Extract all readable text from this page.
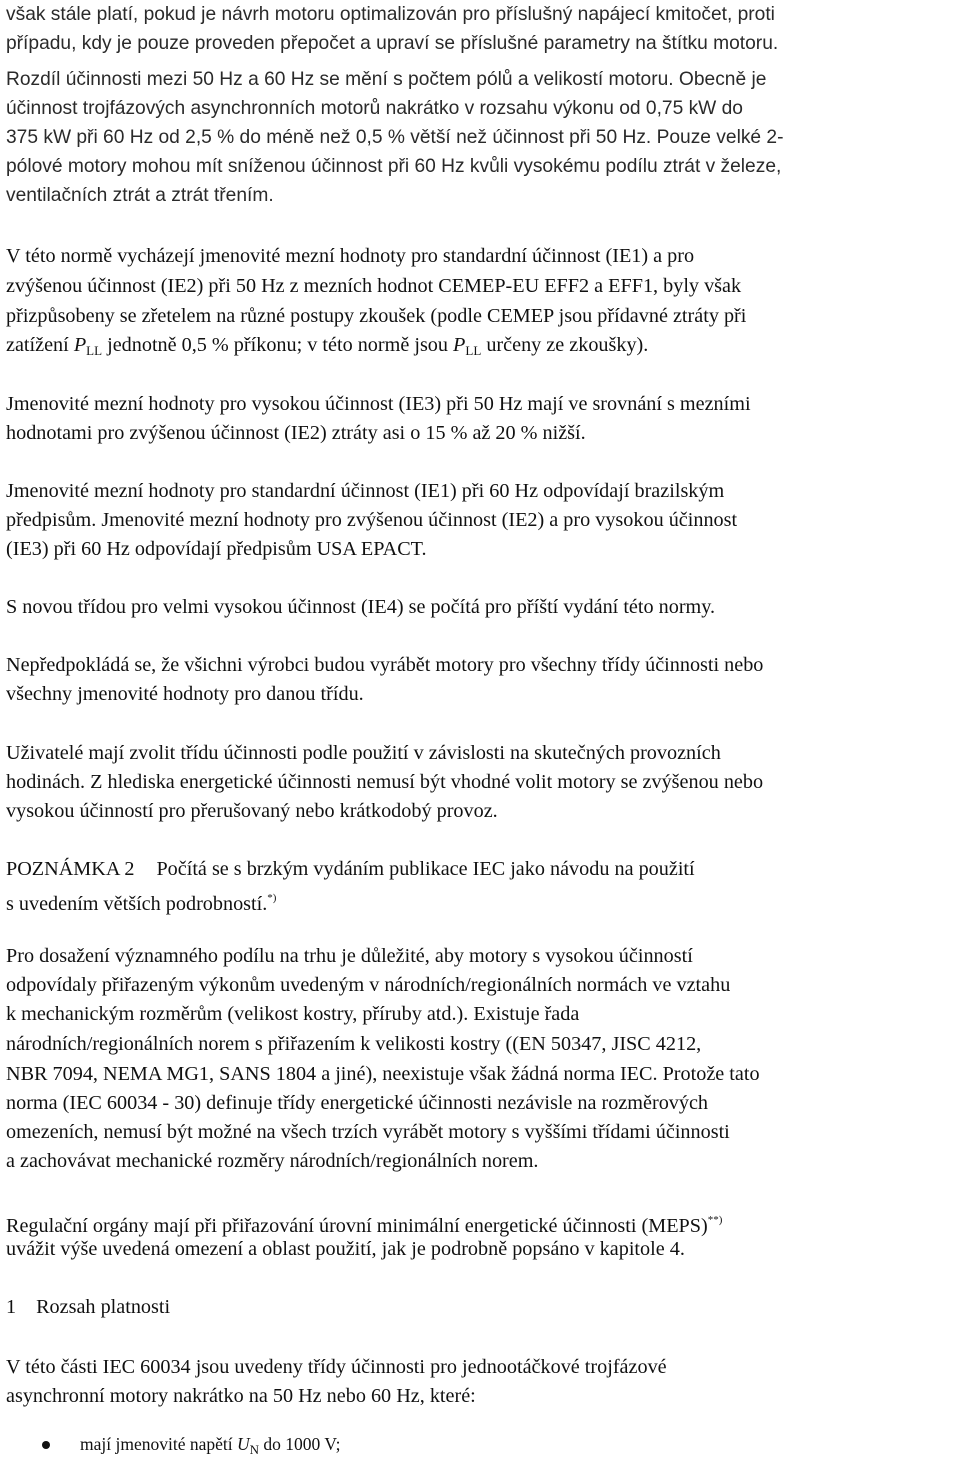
však stále platí, pokud je návrh motoru optimalizován pro příslušný napájecí kmitočet, proti
případu, kdy je pouze proveden přepočet a upraví se příslušné parametry na štítku motoru.
Rozdíl účinnosti mezi 50 Hz a 60 Hz se mění s počtem pólů a velikostí motoru. Obecně je
účinnost trojfázových asynchronních motorů nakrátko v rozsahu výkonu od 0,75 kW do
375 kW při 60 Hz od 2,5 % do méně než 0,5 % větší než účinnost při 50 Hz. Pouze velké 2-
pólové motory mohou mít sníženou účinnost při 60 Hz kvůli vysokému podílu ztrát v železe,
ventilačních ztrát a ztrát třením.
V této normě vycházejí jmenovité mezní hodnoty pro standardní účinnost (IE1) a pro
zvýšenou účinnost (IE2) při 50 Hz z mezních hodnot CEMEP-EU EFF2 a EFF1, byly však
přizpůsobeny se zřetelem na různé postupy zkoušek (podle CEMEP jsou přídavné ztráty při
zatížení $P_{LL}$ jednotně 0,5 % příkonu; v této normě jsou $P_{LL}$ určeny ze zkoušky).
Jmenovité mezní hodnoty pro vysokou účinnost (IE3) při 50 Hz mají ve srovnání s mezními
hodnotami pro zvýšenou účinnost (IE2) ztráty asi o 15 % až 20 % nižší.
Jmenovité mezní hodnoty pro standardní účinnost (IE1) při 60 Hz odpovídají brazilským
předpisům. Jmenovité mezní hodnoty pro zvýšenou účinnost (IE2) a pro vysokou účinnost
(IE3) při 60 Hz odpovídají předpisům USA EPACT.
S novou třídou pro velmi vysokou účinnost (IE4) se počítá pro příští vydání této normy.
Nepředpokládá se, že všichni výrobci budou vyrábět motory pro všechny třídy účinnosti nebo
všechny jmenovité hodnoty pro danou třídu.
Uživatelé mají zvolit třídu účinnosti podle použití v závislosti na skutečných provozních
hodinách. Z hlediska energetické účinnosti nemusí být vhodné volit motory se zvýšenou nebo
vysokou účinností pro přerušovaný nebo krátkodobý provoz.
POZNÁMKA 2 Počítá se s brzkým vydáním publikace IEC jako návodu na použití
s uvedením větších podrobností.*)
Pro dosažení významného podílu na trhu je důležité, aby motory s vysokou účinností
odpovídaly přiřazeným výkonům uvedeným v národních/regionálních normách ve vztahu
k mechanickým rozměrům (velikost kostry, příruby atd.). Existuje řada
národních/regionálních norem s přiřazením k velikosti kostry ((EN 50347, JISC 4212,
NBR 7094, NEMA MG1, SANS 1804 a jiné), neexistuje však žádná norma IEC. Protože tato
norma (IEC 60034 - 30) definuje třídy energetické účinnosti nezávisle na rozměrových
omezeních, nemusí být možné na všech trzích vyrábět motory s vyššími třídami účinnosti
a zachovávat mechanické rozměry národních/regionálních norem.
Regulační orgány mají při přiřazování úrovní minimální energetické účinnosti (MEPS)**)
uvážit výše uvedená omezení a oblast použití, jak je podrobně popsáno v kapitole 4.
1 Rozsah platnosti
V této části IEC 60034 jsou uvedeny třídy účinnosti pro jednootáčkové trojfázové
asynchronní motory nakrátko na 50 Hz nebo 60 Hz, které:
mají jmenovité napětí $U_N$ do 1000 V;
